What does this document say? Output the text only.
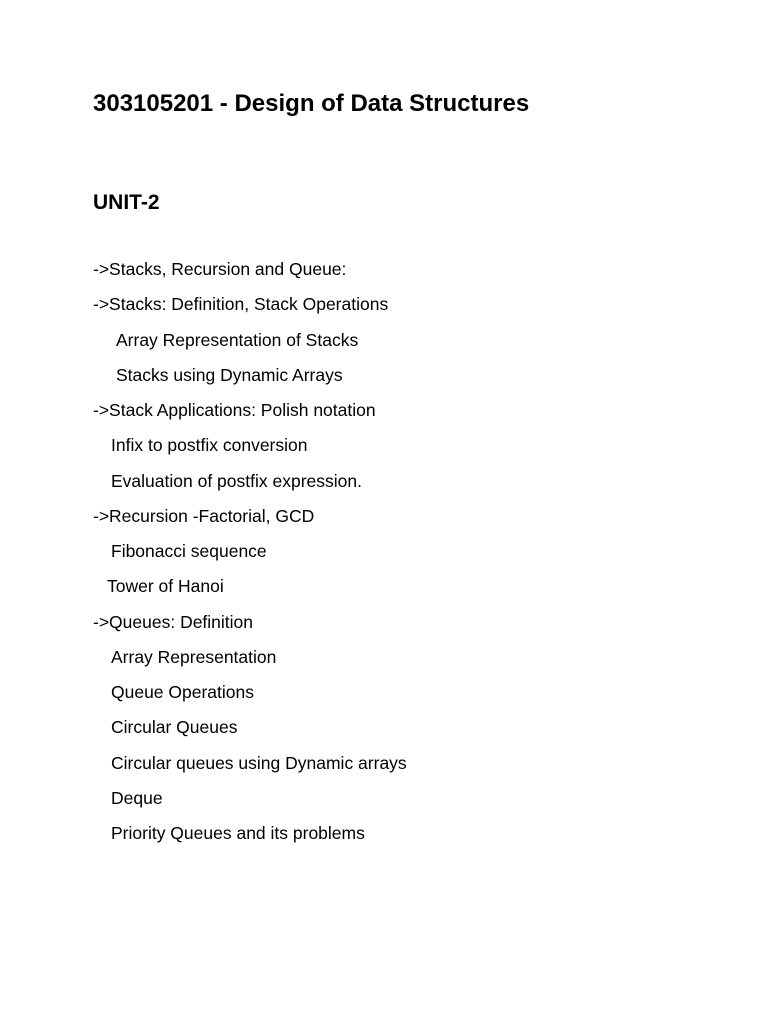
303105201 - Design of Data Structures
UNIT-2
->Stacks, Recursion and Queue:
->Stacks: Definition, Stack Operations
Array Representation of Stacks
Stacks using Dynamic Arrays
->Stack Applications: Polish notation
Infix to postfix conversion
Evaluation of postfix expression.
->Recursion -Factorial, GCD
Fibonacci sequence
Tower of Hanoi
->Queues: Definition
Array Representation
Queue Operations
Circular Queues
Circular queues using Dynamic arrays
Deque
Priority Queues and its problems
